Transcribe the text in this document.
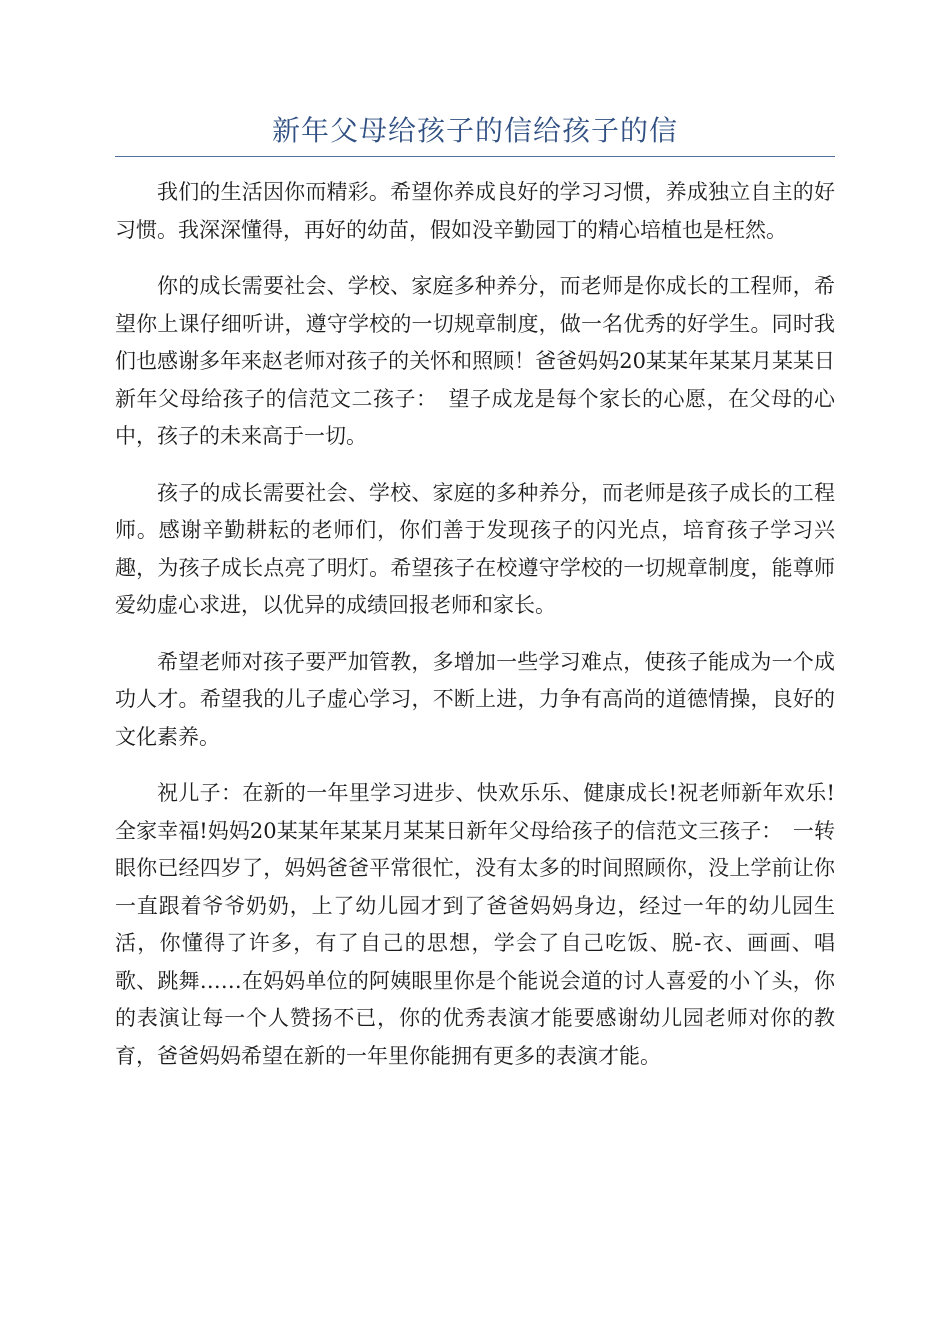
新年父母给孩子的信给孩子的信

我们的生活因你而精彩。希望你养成良好的学习习惯，养成独立自主的好习惯。我深深懂得，再好的幼苗，假如没辛勤园丁的精心培植也是枉然。

你的成长需要社会、学校、家庭多种养分，而老师是你成长的工程师，希望你上课仔细听讲，遵守学校的一切规章制度，做一名优秀的好学生。同时我们也感谢多年来赵老师对孩子的关怀和照顾！爸爸妈妈20某某年某某月某某日新年父母给孩子的信范文二孩子：　望子成龙是每个家长的心愿，在父母的心中，孩子的未来高于一切。

孩子的成长需要社会、学校、家庭的多种养分，而老师是孩子成长的工程师。感谢辛勤耕耘的老师们，你们善于发现孩子的闪光点，培育孩子学习兴趣，为孩子成长点亮了明灯。希望孩子在校遵守学校的一切规章制度，能尊师爱幼虚心求进，以优异的成绩回报老师和家长。

希望老师对孩子要严加管教，多增加一些学习难点，使孩子能成为一个成功人才。希望我的儿子虚心学习，不断上进，力争有高尚的道德情操，良好的文化素养。

祝儿子：在新的一年里学习进步、快欢乐乐、健康成长!祝老师新年欢乐!全家幸福!妈妈20某某年某某月某某日新年父母给孩子的信范文三孩子：　一转眼你已经四岁了，妈妈爸爸平常很忙，没有太多的时间照顾你，没上学前让你一直跟着爷爷奶奶，上了幼儿园才到了爸爸妈妈身边，经过一年的幼儿园生活，你懂得了许多，有了自己的思想，学会了自己吃饭、脱-衣、画画、唱歌、跳舞……在妈妈单位的阿姨眼里你是个能说会道的讨人喜爱的小丫头，你的表演让每一个人赞扬不已，你的优秀表演才能要感谢幼儿园老师对你的教育，爸爸妈妈希望在新的一年里你能拥有更多的表演才能。
